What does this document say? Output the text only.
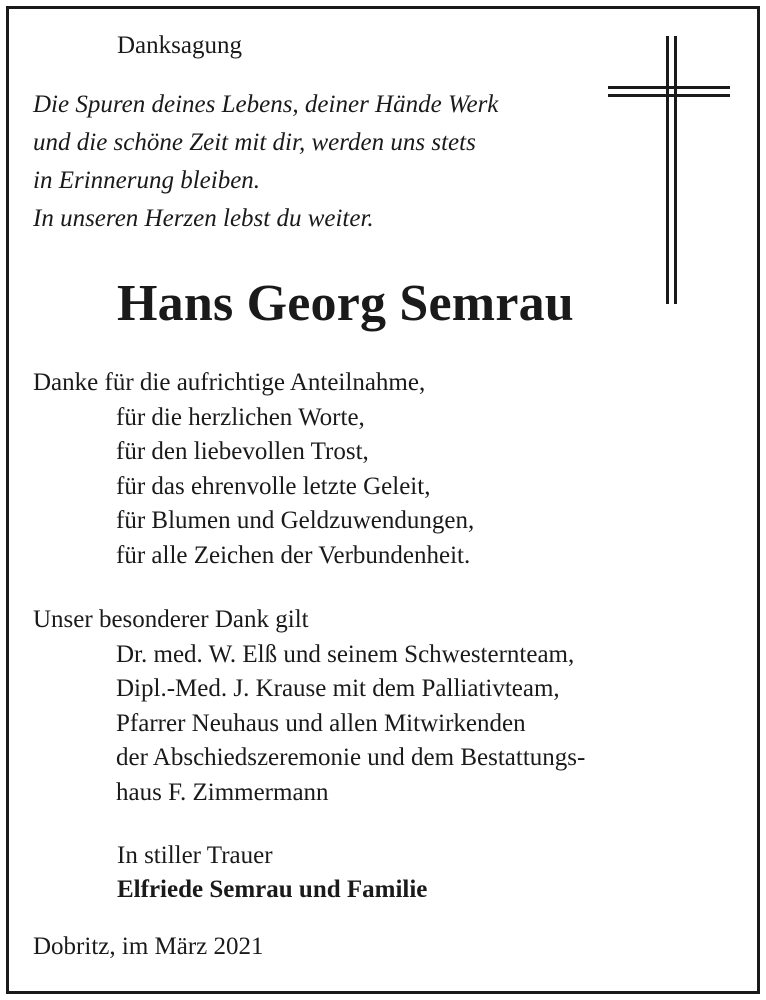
Danksagung
Die Spuren deines Lebens, deiner Hände Werk
und die schöne Zeit mit dir, werden uns stets
in Erinnerung bleiben.
In unseren Herzen lebst du weiter.
Hans Georg Semrau
Danke für die aufrichtige Anteilnahme,
für die herzlichen Worte,
für den liebevollen Trost,
für das ehrenvolle letzte Geleit,
für Blumen und Geldzuwendungen,
für alle Zeichen der Verbundenheit.
Unser besonderer Dank gilt
Dr. med. W. Elß und seinem Schwesternteam,
Dipl.-Med. J. Krause mit dem Palliativteam,
Pfarrer Neuhaus und allen Mitwirkenden
der Abschiedszeremonie und dem Bestattungs-
haus F. Zimmermann
In stiller Trauer
Elfriede Semrau und Familie
Dobritz, im März 2021
